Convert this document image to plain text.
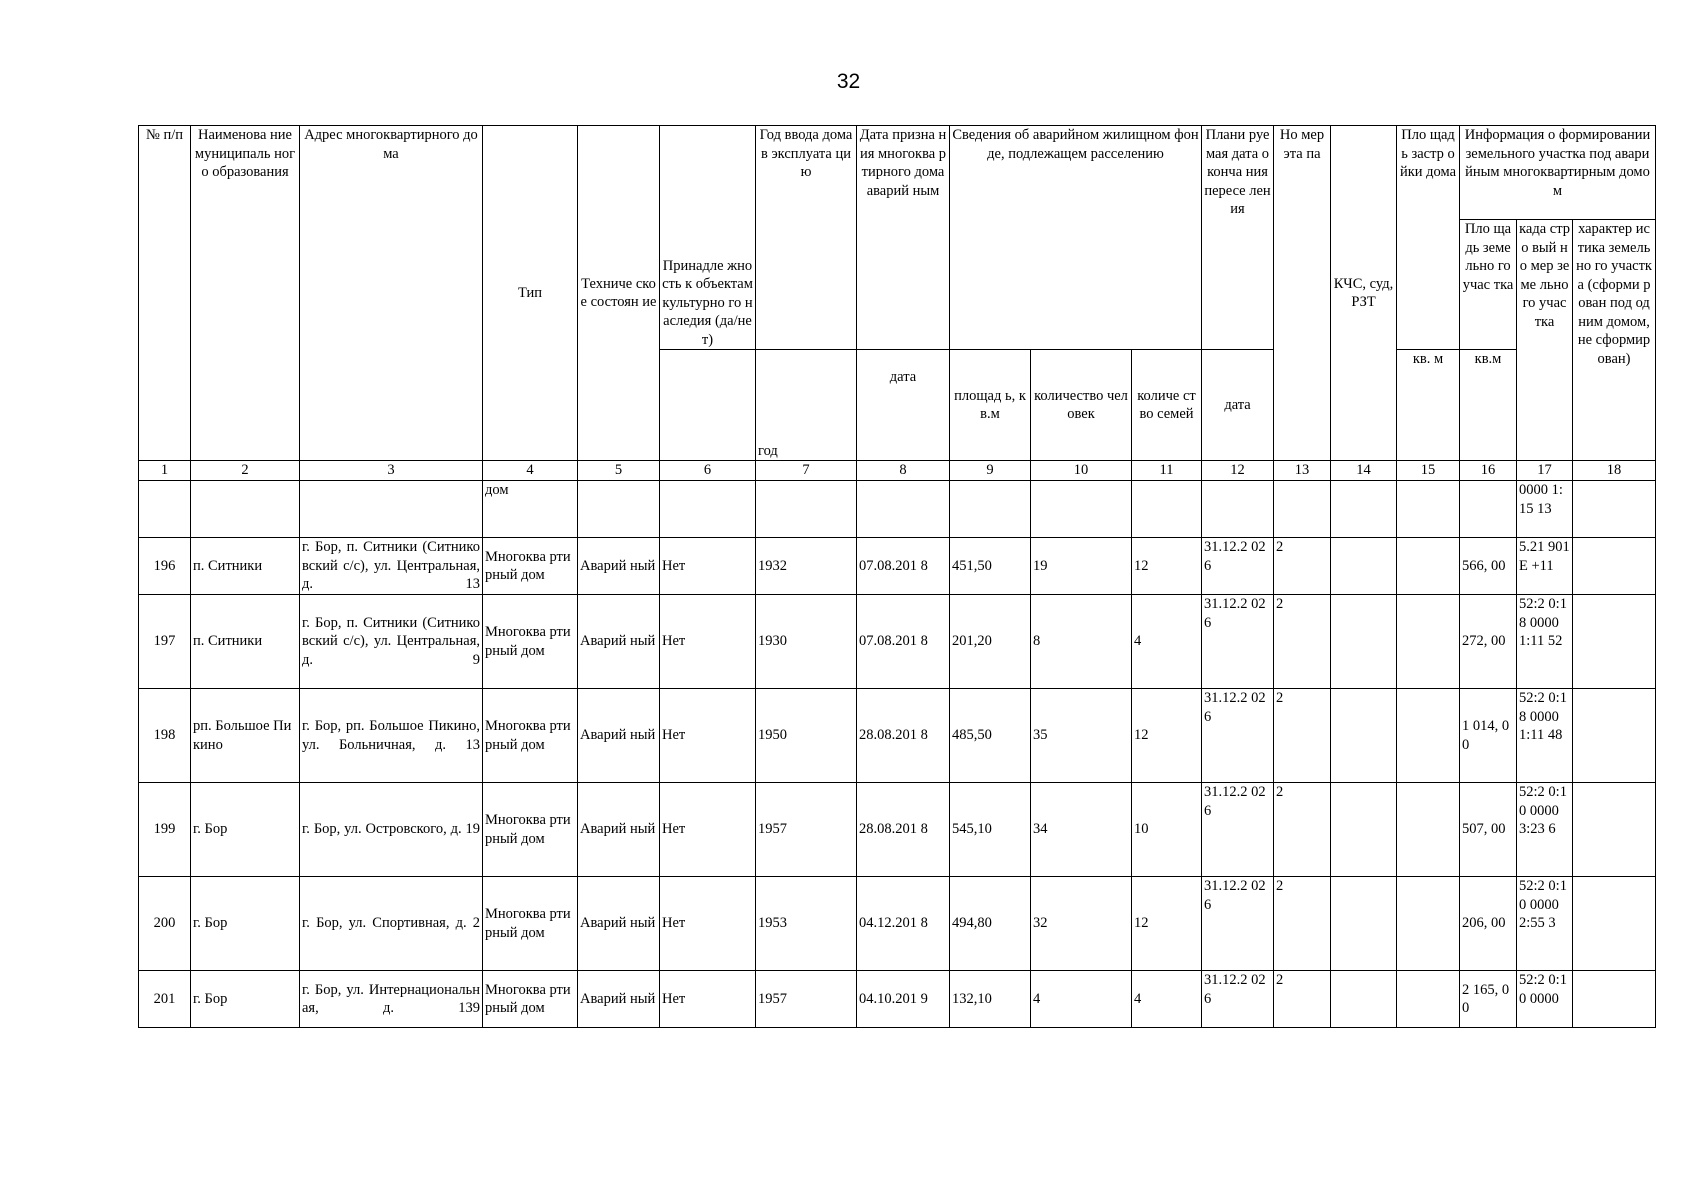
32
№ п/п	Наименова ние муниципаль ного образования	Адрес многоквартирного дома	Тип	Техниче ское состоян ие	Принадле жность к объектам культурно го наследия (да/нет)	Год ввода дома в эксплуата цию	Дата призна ния многоква ртирного дома аварий ным	Сведения об аварийном жилищном фонде, подлежащем расселению			Плани руемая дата оконча ния пересе ления	Но мер эта па	КЧС, суд, РЗТ	Пло щадь застр ойки дома	Информация о формировании земельного участка под аварийным многоквартирным домом		
															Пло щадь земе льно го учас тка	када стро вый но мер земе льно го учас тка	характер истика земельно го участка (сформи рован под одним домом, не сформир ован)
						год	дата	площад ь, кв.м	количество человек	количе ство семей	дата			кв. м	кв.м		
1	2	3	4	5	6	7	8	9	10	11	12	13	14	15	16	17	18
			дом													0000 1:15 13	
196	п. Ситники	г. Бор, п. Ситники (Ситниковский с/с), ул. Центральная, д. 13	Многоква ртирный дом	Аварий ный	Нет	1932	07.08.201 8	451,50	19	12	31.12.2 026	2			566, 00	5.21 901E +11	
197	п. Ситники	г. Бор, п. Ситники (Ситниковский с/с), ул. Центральная, д. 9	Многоква ртирный дом	Аварий ный	Нет	1930	07.08.201 8	201,20	8	4	31.12.2 026	2			272, 00	52:2 0:18 0000 1:11 52	
198	рп. Большое Пикино	г. Бор, рп. Большое Пикино, ул. Больничная, д. 13	Многоква ртирный дом	Аварий ный	Нет	1950	28.08.201 8	485,50	35	12	31.12.2 026	2			1 014, 00	52:2 0:18 0000 1:11 48	
199	г. Бор	г. Бор, ул. Островского, д. 19	Многоква ртирный дом	Аварий ный	Нет	1957	28.08.201 8	545,10	34	10	31.12.2 026	2			507, 00	52:2 0:10 0000 3:23 6	
200	г. Бор	г. Бор, ул. Спортивная, д. 2	Многоква ртирный дом	Аварий ный	Нет	1953	04.12.201 8	494,80	32	12	31.12.2 026	2			206, 00	52:2 0:10 0000 2:55 3	
201	г. Бор	г. Бор, ул. Интернациональная, д. 139	Многоква ртирный дом	Аварий ный	Нет	1957	04.10.201 9	132,10	4	4	31.12.2 026	2			2 165, 00	52:2 0:10 0000	
